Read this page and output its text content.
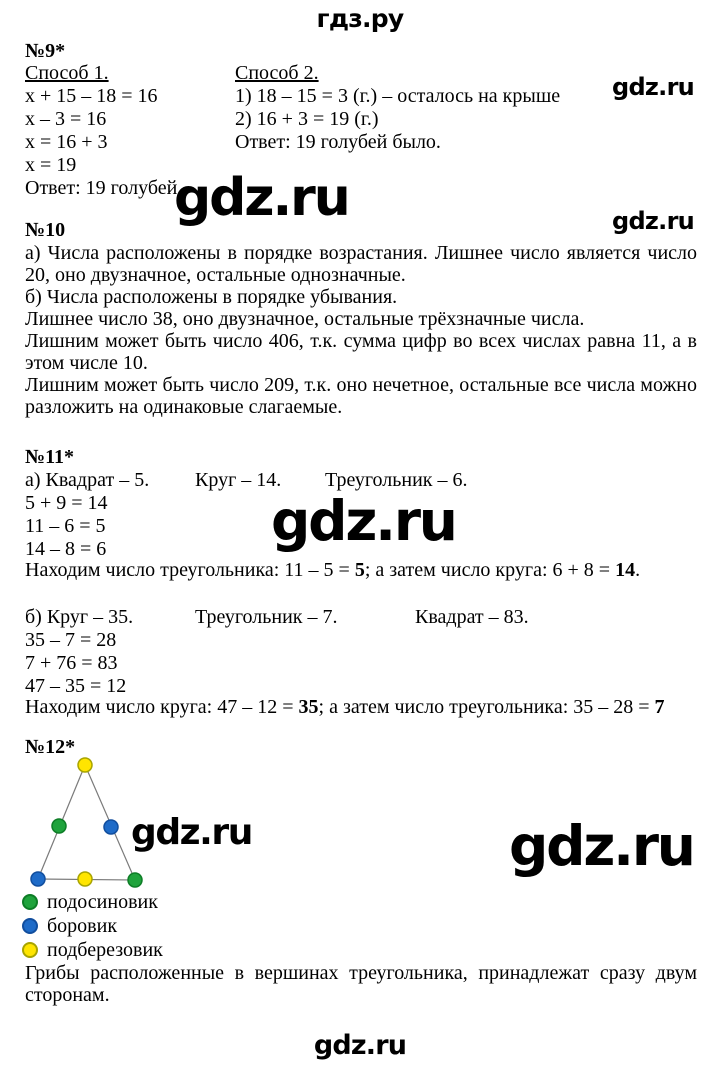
гдз.ру
gdz.ru
gdz.ru	gdz.ru
gdz.ru
gdz.ru	gdz.ru
№9*
Способ 1.
х + 15 – 18 = 16
х – 3 = 16
х = 16 + 3
х = 19
Ответ: 19 голубей.
Способ 2.
1) 18 – 15 = 3 (г.) – осталось на крыше
2) 16 + 3 = 19 (г.)
Ответ: 19 голубей было.
№10

а) Числа расположены в порядке возрастания. Лишнее число является число 20, оно двузначное, остальные однозначные.

б) Числа расположены в порядке убывания.

Лишнее число 38, оно двузначное, остальные трёхзначные числа.

Лишним может быть число 406, т.к. сумма цифр во всех числах равна 11, а в этом числе 10.

Лишним может быть число 209, т.к. оно нечетное, остальные все числа можно разложить на одинаковые слагаемые.

№11*
а) Квадрат – 5. Круг – 14. Треугольник – 6.
5 + 9 = 14
11 – 6 = 5
14 – 8 = 6
Находим число треугольника: 11 – 5 = 5; а затем число круга: 6 + 8 = 14.
б) Круг – 35.	Треугольник – 7.	Квадрат – 83.
35 – 7 = 28
7 + 76 = 83
47 – 35 = 12
Находим число круга: 47 – 12 = 35; а затем число треугольника: 35 – 28 = 7
№12*
подосиновик
боровик
подберезовик

Грибы расположенные в вершинах треугольника, принадлежат сразу двум сторонам.

gdz.ru
